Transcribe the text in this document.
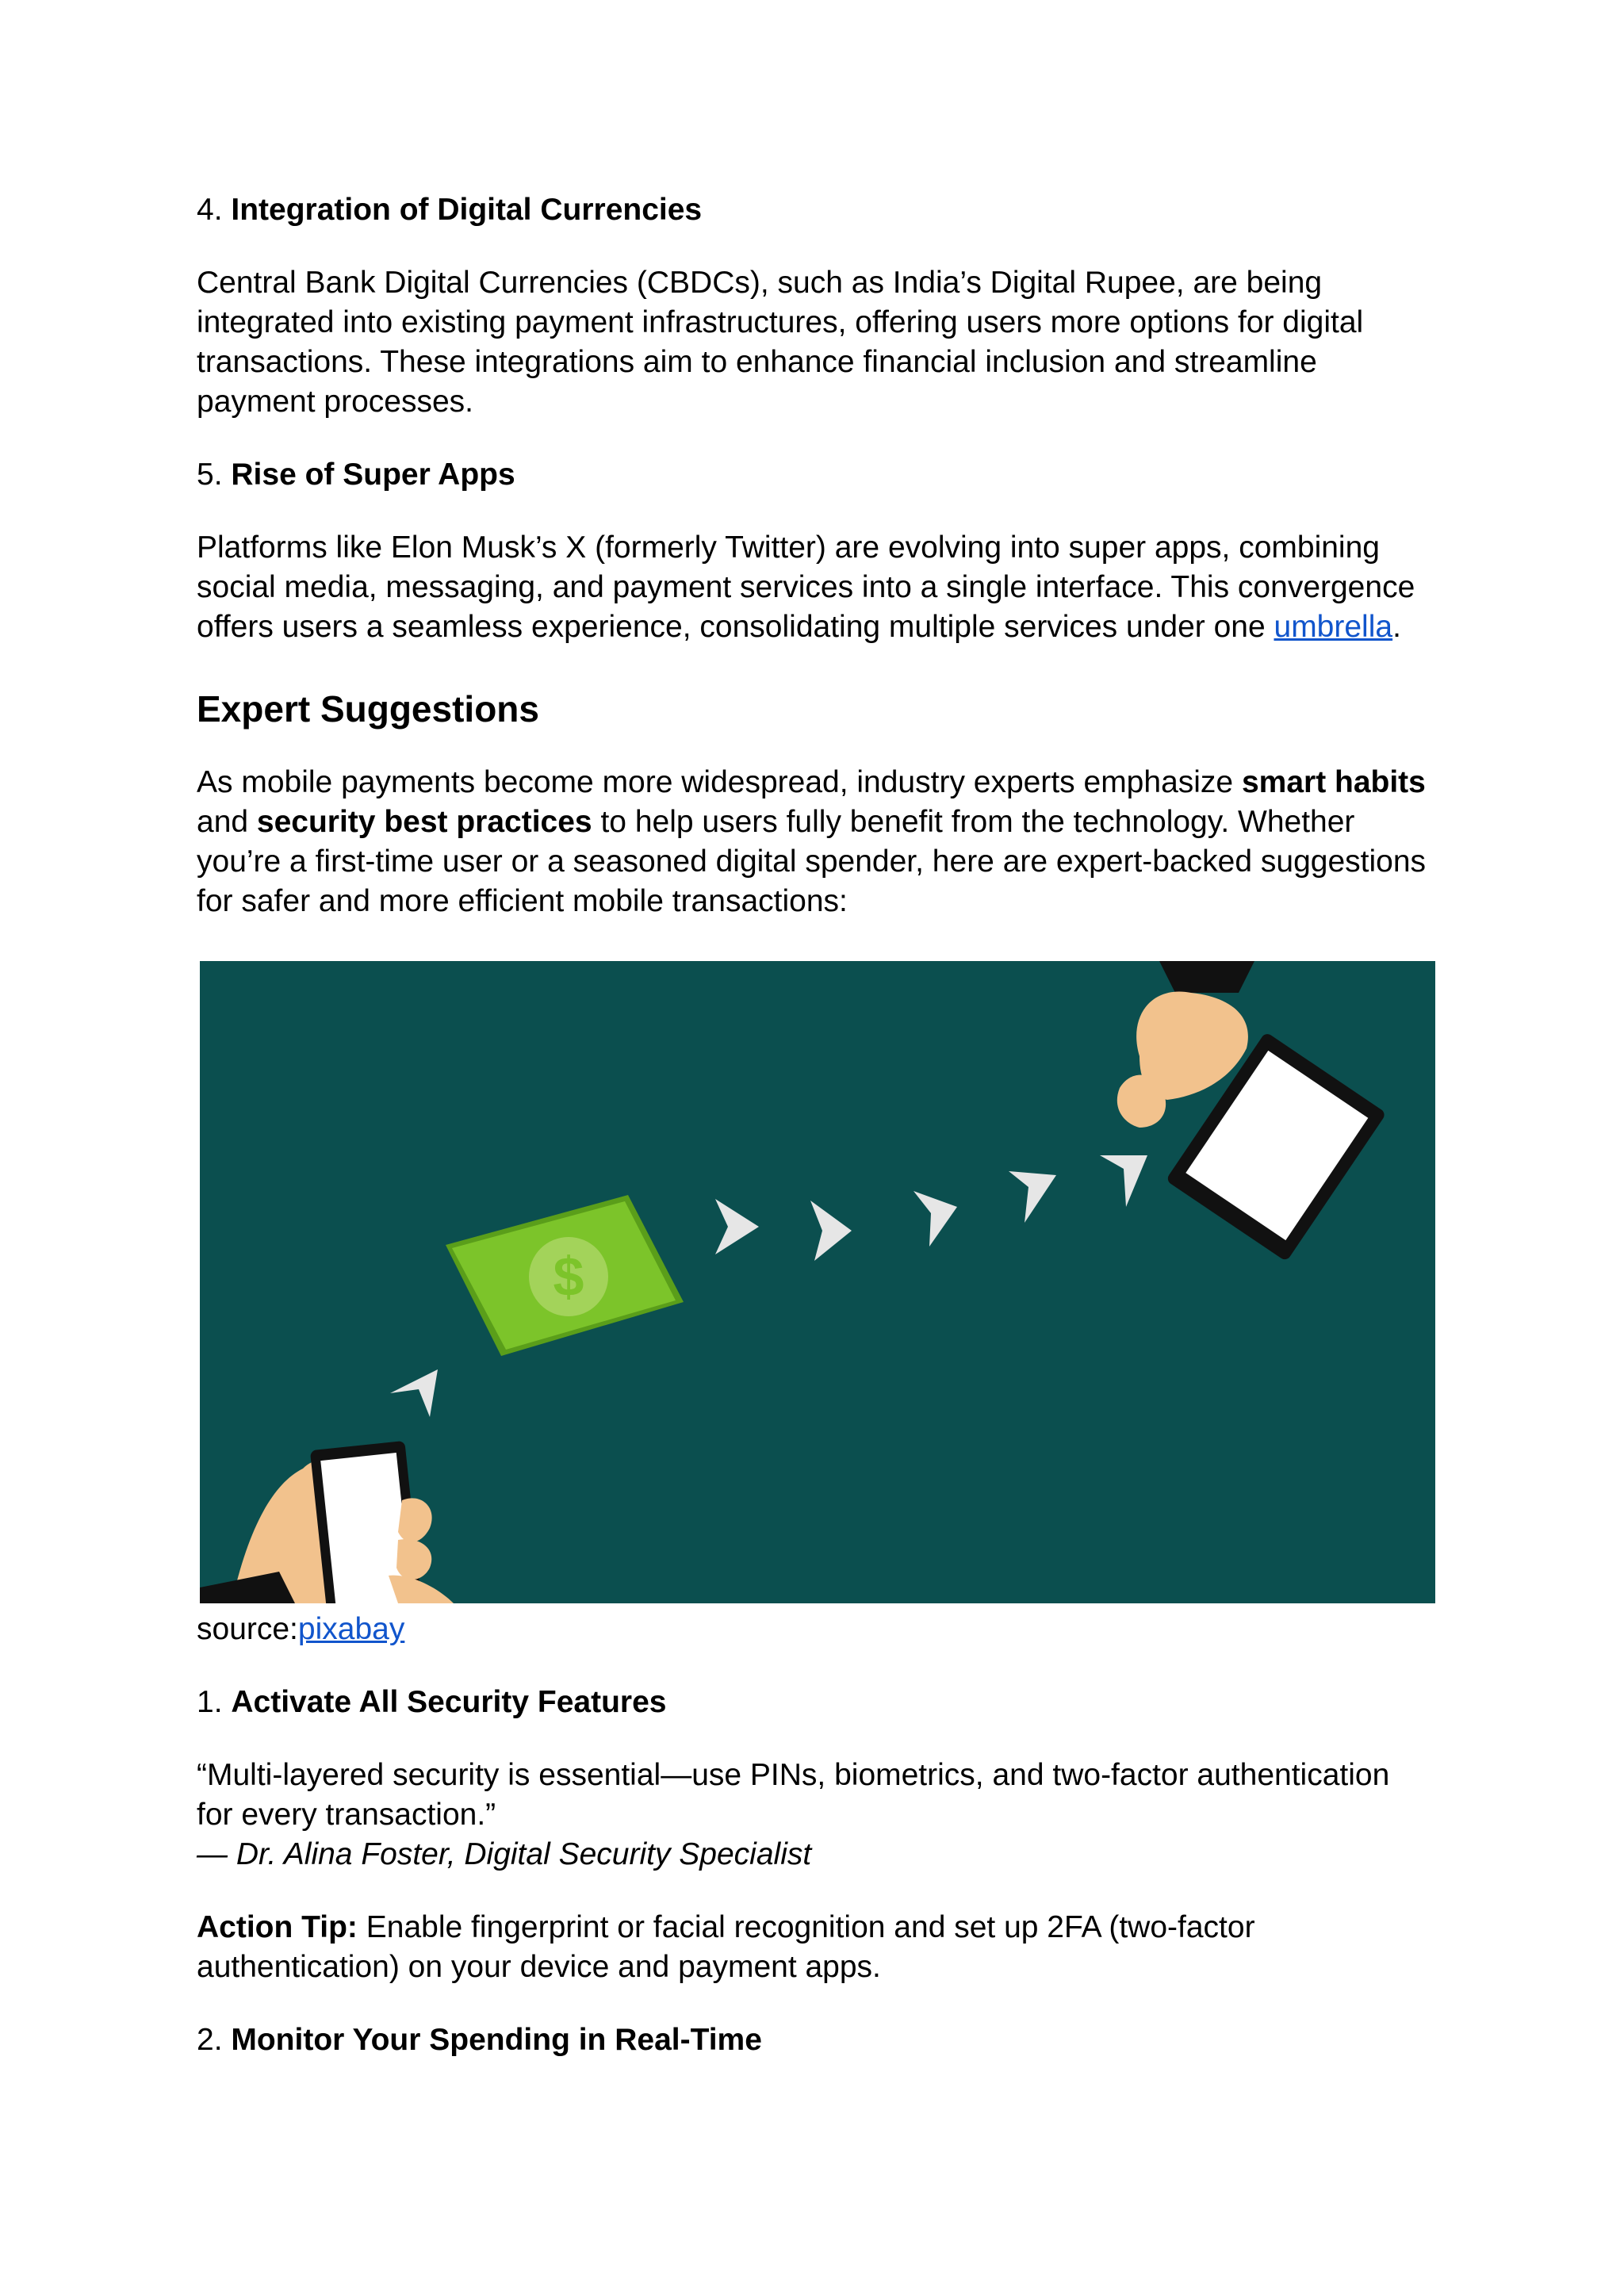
4. Integration of Digital Currencies

Central Bank Digital Currencies (CBDCs), such as India’s Digital Rupee, are being integrated into existing payment infrastructures, offering users more options for digital transactions. These integrations aim to enhance financial inclusion and streamline payment processes.

5. Rise of Super Apps

Platforms like Elon Musk’s X (formerly Twitter) are evolving into super apps, combining social media, messaging, and payment services into a single interface. This convergence offers users a seamless experience, consolidating multiple services under one umbrella.

Expert Suggestions

As mobile payments become more widespread, industry experts emphasize smart habits and security best practices to help users fully benefit from the technology. Whether you’re a first-time user or a seasoned digital spender, here are expert-backed suggestions for safer and more efficient mobile transactions:

$

source:pixabay

1. Activate All Security Features

“Multi-layered security is essential—use PINs, biometrics, and two-factor authentication for every transaction.”
— Dr. Alina Foster, Digital Security Specialist

Action Tip: Enable fingerprint or facial recognition and set up 2FA (two-factor authentication) on your device and payment apps.

2. Monitor Your Spending in Real-Time
